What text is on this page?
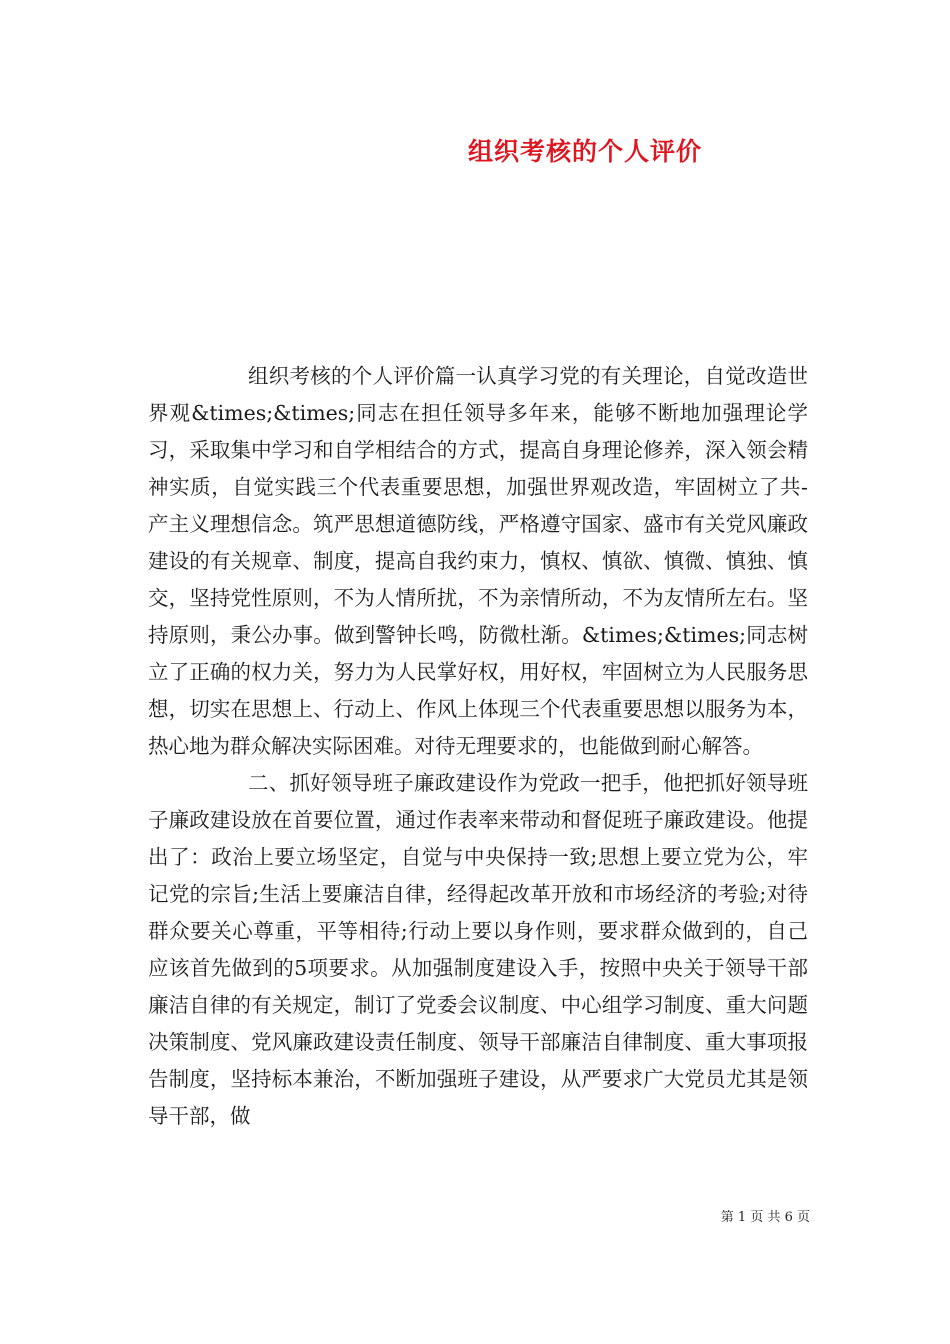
组织考核的个人评价

组织考核的个人评价篇一认真学习党的有关理论，自觉改造世界观&times;&times;同志在担任领导多年来，能够不断地加强理论学习，采取集中学习和自学相结合的方式，提高自身理论修养，深入领会精神实质，自觉实践三个代表重要思想，加强世界观改造，牢固树立了共-产主义理想信念。筑严思想道德防线，严格遵守国家、盛市有关党风廉政建设的有关规章、制度，提高自我约束力，慎权、慎欲、慎微、慎独、慎交，坚持党性原则，不为人情所扰，不为亲情所动，不为友情所左右。坚持原则，秉公办事。做到警钟长鸣，防微杜渐。&times;&times;同志树立了正确的权力关，努力为人民掌好权，用好权，牢固树立为人民服务思想，切实在思想上、行动上、作风上体现三个代表重要思想以服务为本，热心地为群众解决实际困难。对待无理要求的，也能做到耐心解答。

二、抓好领导班子廉政建设作为党政一把手，他把抓好领导班子廉政建设放在首要位置，通过作表率来带动和督促班子廉政建设。他提出了：政治上要立场坚定，自觉与中央保持一致;思想上要立党为公，牢记党的宗旨;生活上要廉洁自律，经得起改革开放和市场经济的考验;对待群众要关心尊重，平等相待;行动上要以身作则，要求群众做到的，自己应该首先做到的5项要求。从加强制度建设入手，按照中央关于领导干部廉洁自律的有关规定，制订了党委会议制度、中心组学习制度、重大问题决策制度、党风廉政建设责任制度、领导干部廉洁自律制度、重大事项报告制度，坚持标本兼治，不断加强班子建设，从严要求广大党员尤其是领导干部，做

第 1 页 共 6 页
